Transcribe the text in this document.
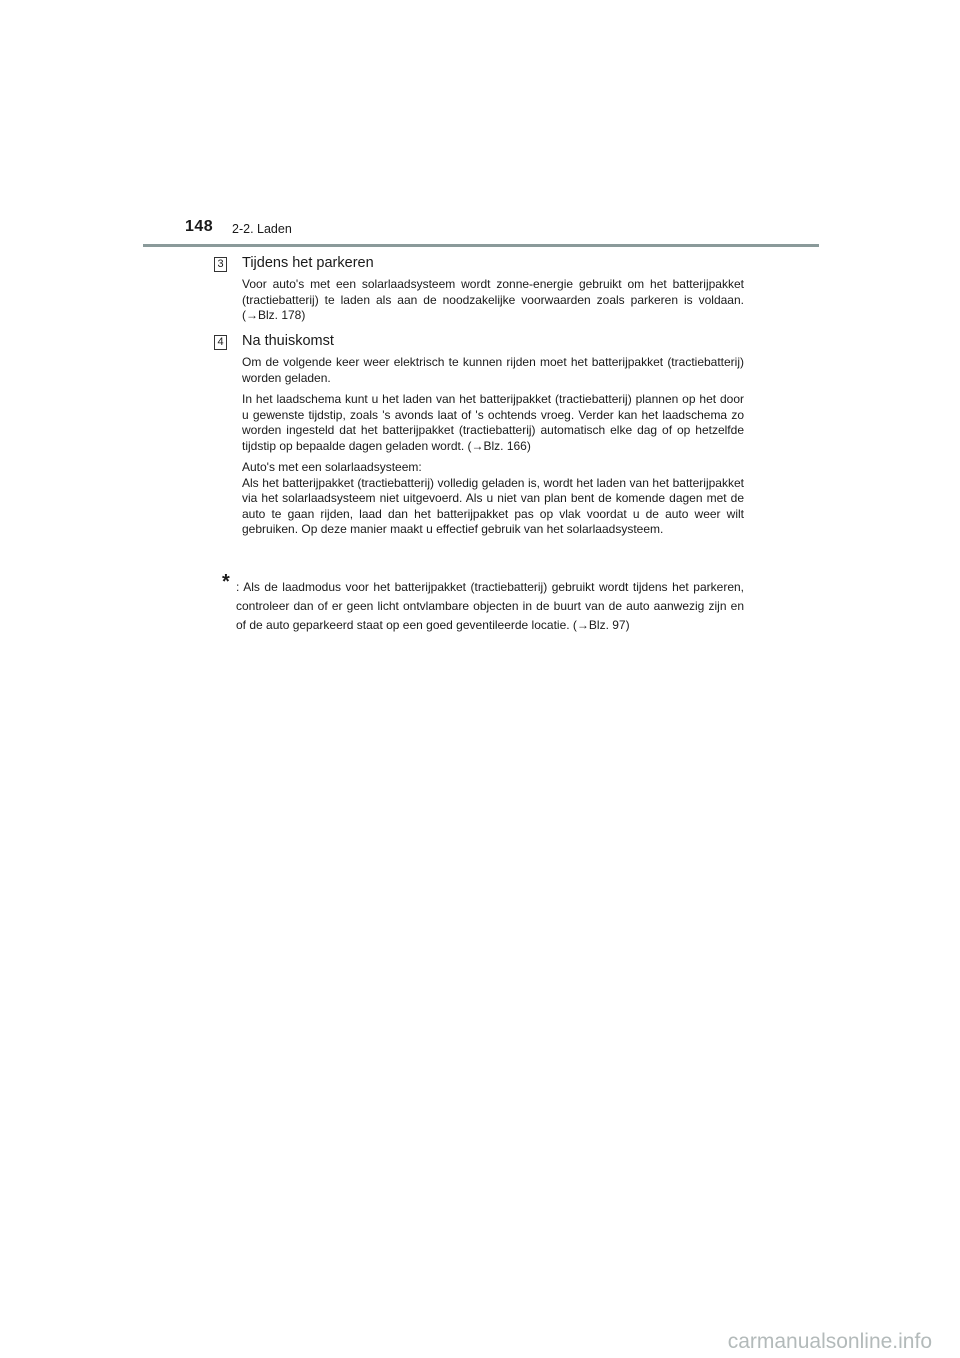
148 2-2. Laden
3 Tijdens het parkeren

Voor auto's met een solarlaadsysteem wordt zonne-energie gebruikt om het batterijpakket (tractiebatterij) te laden als aan de noodzakelijke voorwaarden zoals parkeren is voldaan. (→Blz. 178)

4 Na thuiskomst

Om de volgende keer weer elektrisch te kunnen rijden moet het batterijpakket (tractiebatterij) worden geladen.

In het laadschema kunt u het laden van het batterijpakket (tractiebatterij) plannen op het door u gewenste tijdstip, zoals 's avonds laat of 's ochtends vroeg. Verder kan het laadschema zo worden ingesteld dat het batterijpakket (tractiebatterij) automatisch elke dag of op hetzelfde tijdstip op bepaalde dagen geladen wordt. (→Blz. 166)

Auto's met een solarlaadsysteem:

Als het batterijpakket (tractiebatterij) volledig geladen is, wordt het laden van het batterijpakket via het solarlaadsysteem niet uitgevoerd. Als u niet van plan bent de komende dagen met de auto te gaan rijden, laad dan het batterijpakket pas op vlak voordat u de auto weer wilt gebruiken. Op deze manier maakt u effectief gebruik van het solarlaadsysteem.

* : Als de laadmodus voor het batterijpakket (tractiebatterij) gebruikt wordt tijdens het parkeren, controleer dan of er geen licht ontvlambare objecten in de buurt van de auto aanwezig zijn en of de auto geparkeerd staat op een goed geventileerde locatie. (→Blz. 97)
carmanualsonline.info
